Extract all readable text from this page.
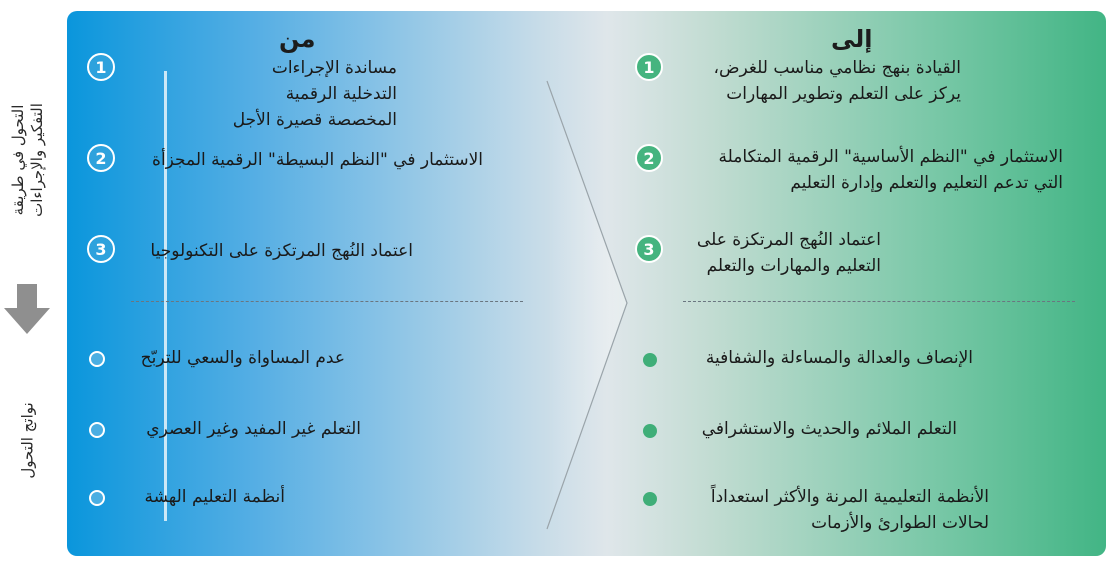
التحول في طريقة التفكير والإجراءات
نواتج التحول
من
1	مساندة الإجراءات التدخلية الرقمية
المخصصة قصيرة الأجل
2	الاستثمار في "النظم البسيطة" الرقمية المجزأة
3	اعتماد النُهج المرتكزة على التكنولوجيا
عدم المساواة والسعي للتربّح
التعلم غير المفيد وغير العصري
أنظمة التعليم الهشة
إلى
1	القيادة بنهج نظامي مناسب للغرض،
يركز على التعلم وتطوير المهارات
2	الاستثمار في "النظم الأساسية" الرقمية المتكاملة
التي تدعم التعليم والتعلم وإدارة التعليم
3	اعتماد النُهج المرتكزة على
التعليم والمهارات والتعلم
الإنصاف والعدالة والمساءلة والشفافية
التعلم الملائم والحديث والاستشرافي
الأنظمة التعليمية المرنة والأكثر استعداداً
لحالات الطوارئ والأزمات
